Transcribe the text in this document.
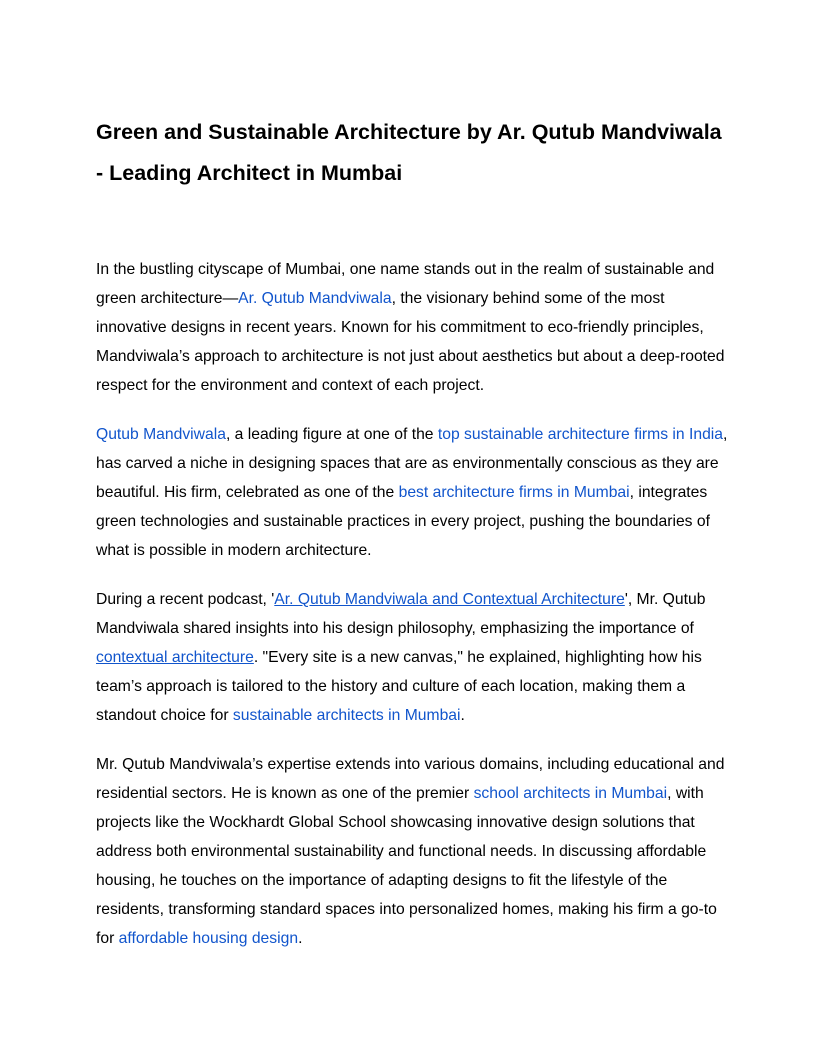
Green and Sustainable Architecture by Ar. Qutub Mandviwala - Leading Architect in Mumbai

In the bustling cityscape of Mumbai, one name stands out in the realm of sustainable and green architecture—Ar. Qutub Mandviwala, the visionary behind some of the most innovative designs in recent years. Known for his commitment to eco-friendly principles, Mandviwala’s approach to architecture is not just about aesthetics but about a deep-rooted respect for the environment and context of each project.

Qutub Mandviwala, a leading figure at one of the top sustainable architecture firms in India, has carved a niche in designing spaces that are as environmentally conscious as they are beautiful. His firm, celebrated as one of the best architecture firms in Mumbai, integrates green technologies and sustainable practices in every project, pushing the boundaries of what is possible in modern architecture.

During a recent podcast, 'Ar. Qutub Mandviwala and Contextual Architecture', Mr. Qutub Mandviwala shared insights into his design philosophy, emphasizing the importance of contextual architecture. "Every site is a new canvas," he explained, highlighting how his team’s approach is tailored to the history and culture of each location, making them a standout choice for sustainable architects in Mumbai.

Mr. Qutub Mandviwala’s expertise extends into various domains, including educational and residential sectors. He is known as one of the premier school architects in Mumbai, with projects like the Wockhardt Global School showcasing innovative design solutions that address both environmental sustainability and functional needs. In discussing affordable housing, he touches on the importance of adapting designs to fit the lifestyle of the residents, transforming standard spaces into personalized homes, making his firm a go-to for affordable housing design.
